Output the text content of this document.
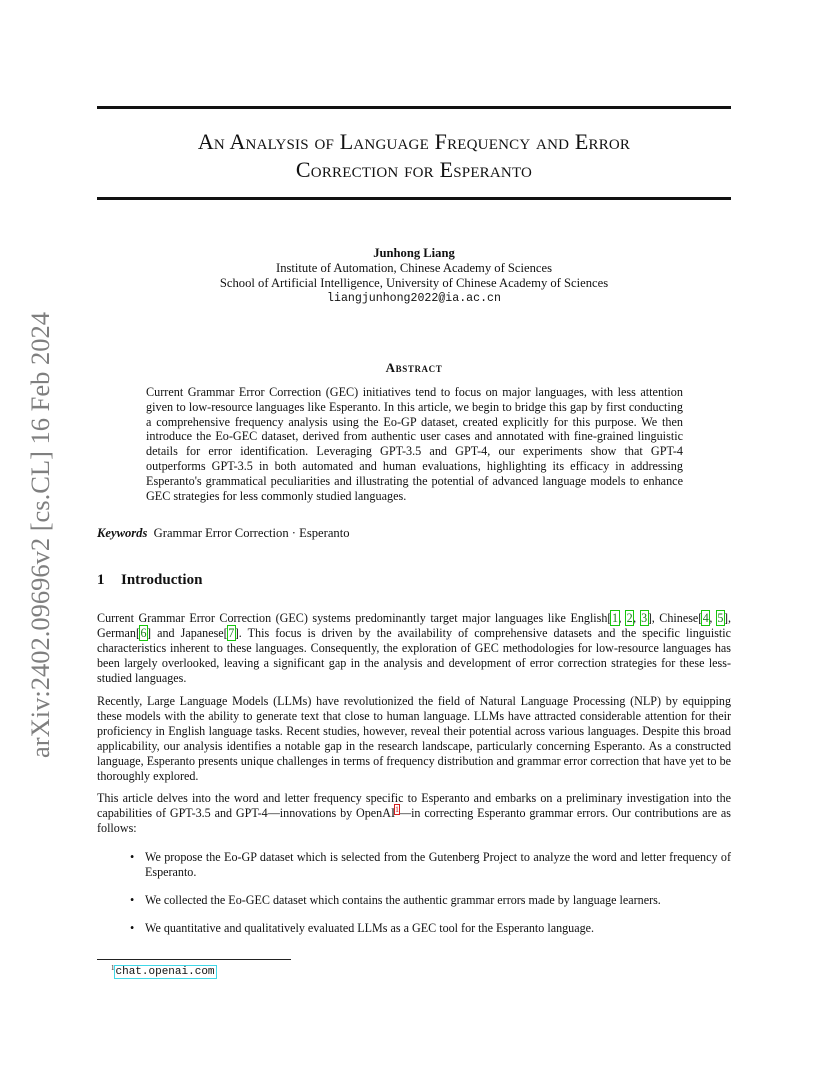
arXiv:2402.09696v2 [cs.CL] 16 Feb 2024
An Analysis of Language Frequency and Error
Correction for Esperanto
Junhong Liang
Institute of Automation, Chinese Academy of Sciences
School of Artificial Intelligence, University of Chinese Academy of Sciences
liangjunhong2022@ia.ac.cn
Abstract
Current Grammar Error Correction (GEC) initiatives tend to focus on major languages, with less attention given to low-resource languages like Esperanto. In this article, we begin to bridge this gap by first conducting a comprehensive frequency analysis using the Eo-GP dataset, created explicitly for this purpose. We then introduce the Eo-GEC dataset, derived from authentic user cases and annotated with fine-grained linguistic details for error identification. Leveraging GPT-3.5 and GPT-4, our experiments show that GPT-4 outperforms GPT-3.5 in both automated and human evaluations, highlighting its efficacy in addressing Esperanto's grammatical peculiarities and illustrating the potential of advanced language models to enhance GEC strategies for less commonly studied languages.
Keywords Grammar Error Correction · Esperanto
1 Introduction
Current Grammar Error Correction (GEC) systems predominantly target major languages like English[1, 2, 3], Chinese[4, 5], German[6] and Japanese[7]. This focus is driven by the availability of comprehensive datasets and the specific linguistic characteristics inherent to these languages. Consequently, the exploration of GEC methodologies for low-resource languages has been largely overlooked, leaving a significant gap in the analysis and development of error correction strategies for these less-studied languages.
Recently, Large Language Models (LLMs) have revolutionized the field of Natural Language Processing (NLP) by equipping these models with the ability to generate text that close to human language. LLMs have attracted considerable attention for their proficiency in English language tasks. Recent studies, however, reveal their potential across various languages. Despite this broad applicability, our analysis identifies a notable gap in the research landscape, particularly concerning Esperanto. As a constructed language, Esperanto presents unique challenges in terms of frequency distribution and grammar error correction that have yet to be thoroughly explored.
This article delves into the word and letter frequency specific to Esperanto and embarks on a preliminary investigation into the capabilities of GPT-3.5 and GPT-4—innovations by OpenAI$^1$—in correcting Esperanto grammar errors. Our contributions are as follows:
• We propose the Eo-GP dataset which is selected from the Gutenberg Project to analyze the word and letter frequency of Esperanto.
• We collected the Eo-GEC dataset which contains the authentic grammar errors made by language learners.
• We quantitative and qualitatively evaluated LLMs as a GEC tool for the Esperanto language.
$^1$chat.openai.com
